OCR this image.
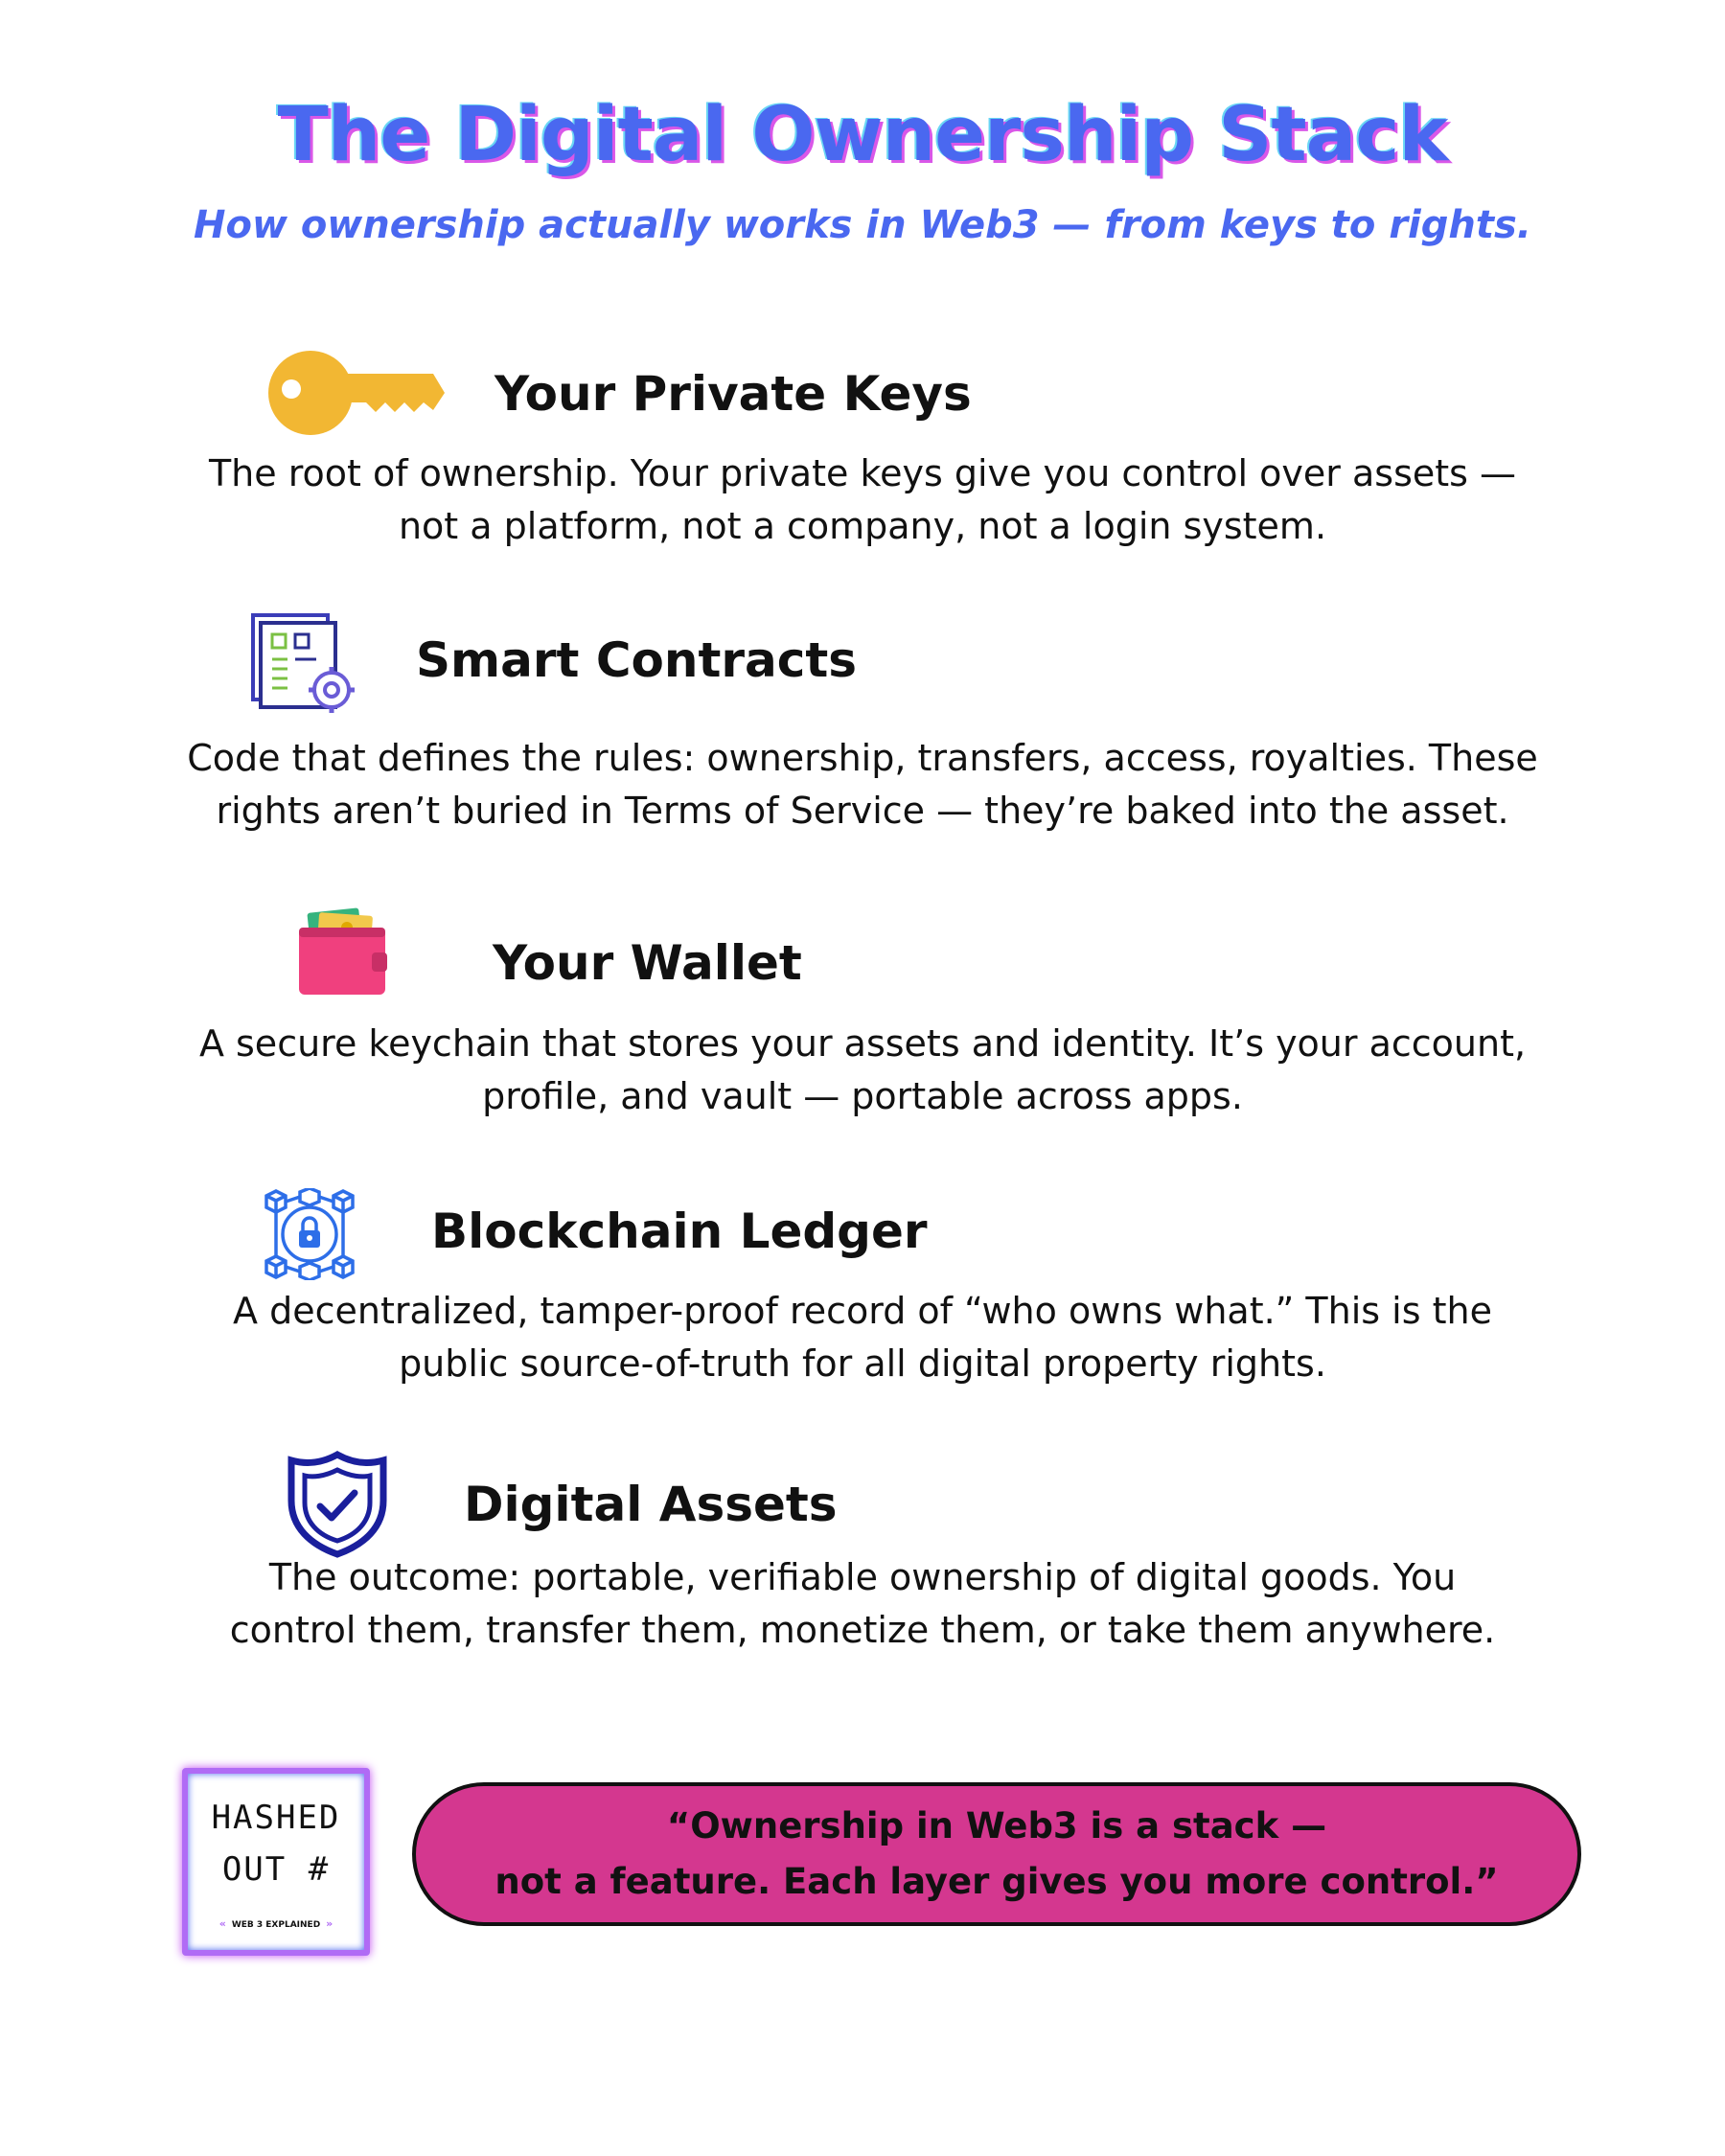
The Digital Ownership Stack

How ownership actually works in Web3 — from keys to rights.

Your Private Keys
The root of ownership. Your private keys give you control over assets —
not a platform, not a company, not a login system.
Smart Contracts
Code that defines the rules: ownership, transfers, access, royalties. These
rights aren’t buried in Terms of Service — they’re baked into the asset.
Your Wallet
A secure keychain that stores your assets and identity. It’s your account,
profile, and vault — portable across apps.
Blockchain Ledger
A decentralized, tamper-proof record of “who owns what.” This is the
public source-of-truth for all digital property rights.
Digital Assets
The outcome: portable, verifiable ownership of digital goods. You
control them, transfer them, monetize them, or take them anywhere.
HASHED
OUT #
« WEB 3 EXPLAINED »
“Ownership in Web3 is a stack —
not a feature. Each layer gives you more control.”
